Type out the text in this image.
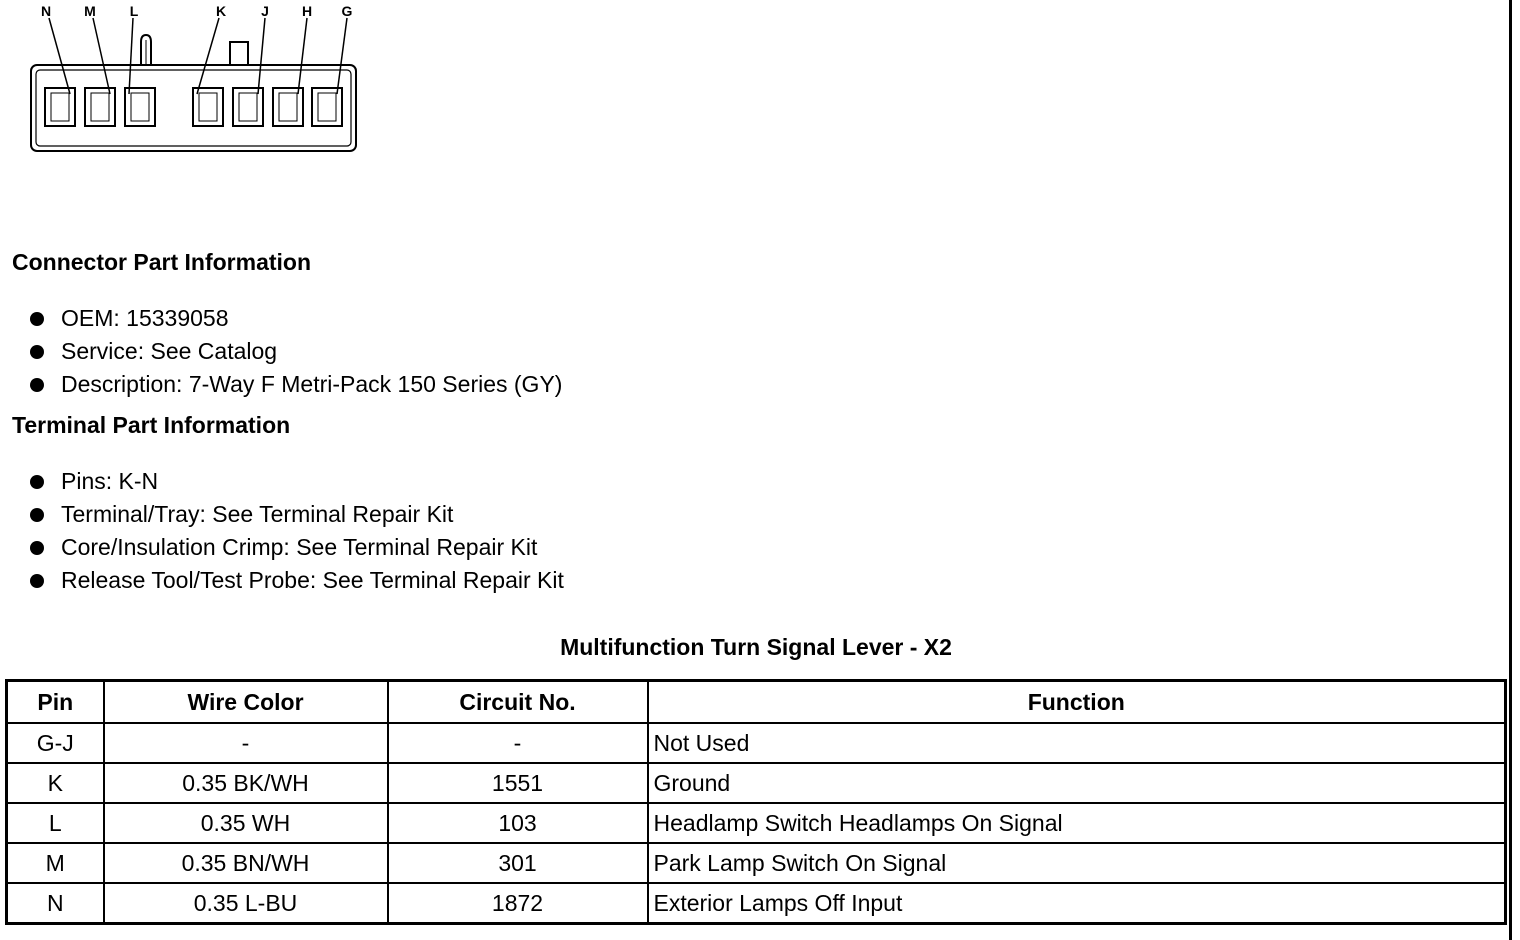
N M L	K	J H G
Connector Part Information
OEM: 15339058
Service: See Catalog
Description: 7-Way F Metri-Pack 150 Series (GY)
Terminal Part Information
Pins: K-N
Terminal/Tray: See Terminal Repair Kit
Core/Insulation Crimp: See Terminal Repair Kit
Release Tool/Test Probe: See Terminal Repair Kit
Multifunction Turn Signal Lever - X2
Pin	Wire Color	Circuit No.	Function
G-J	-	-	Not Used
K	0.35 BK/WH	1551	Ground
L	0.35 WH	103	Headlamp Switch Headlamps On Signal
M	0.35 BN/WH	301	Park Lamp Switch On Signal
N	0.35 L-BU	1872	Exterior Lamps Off Input
